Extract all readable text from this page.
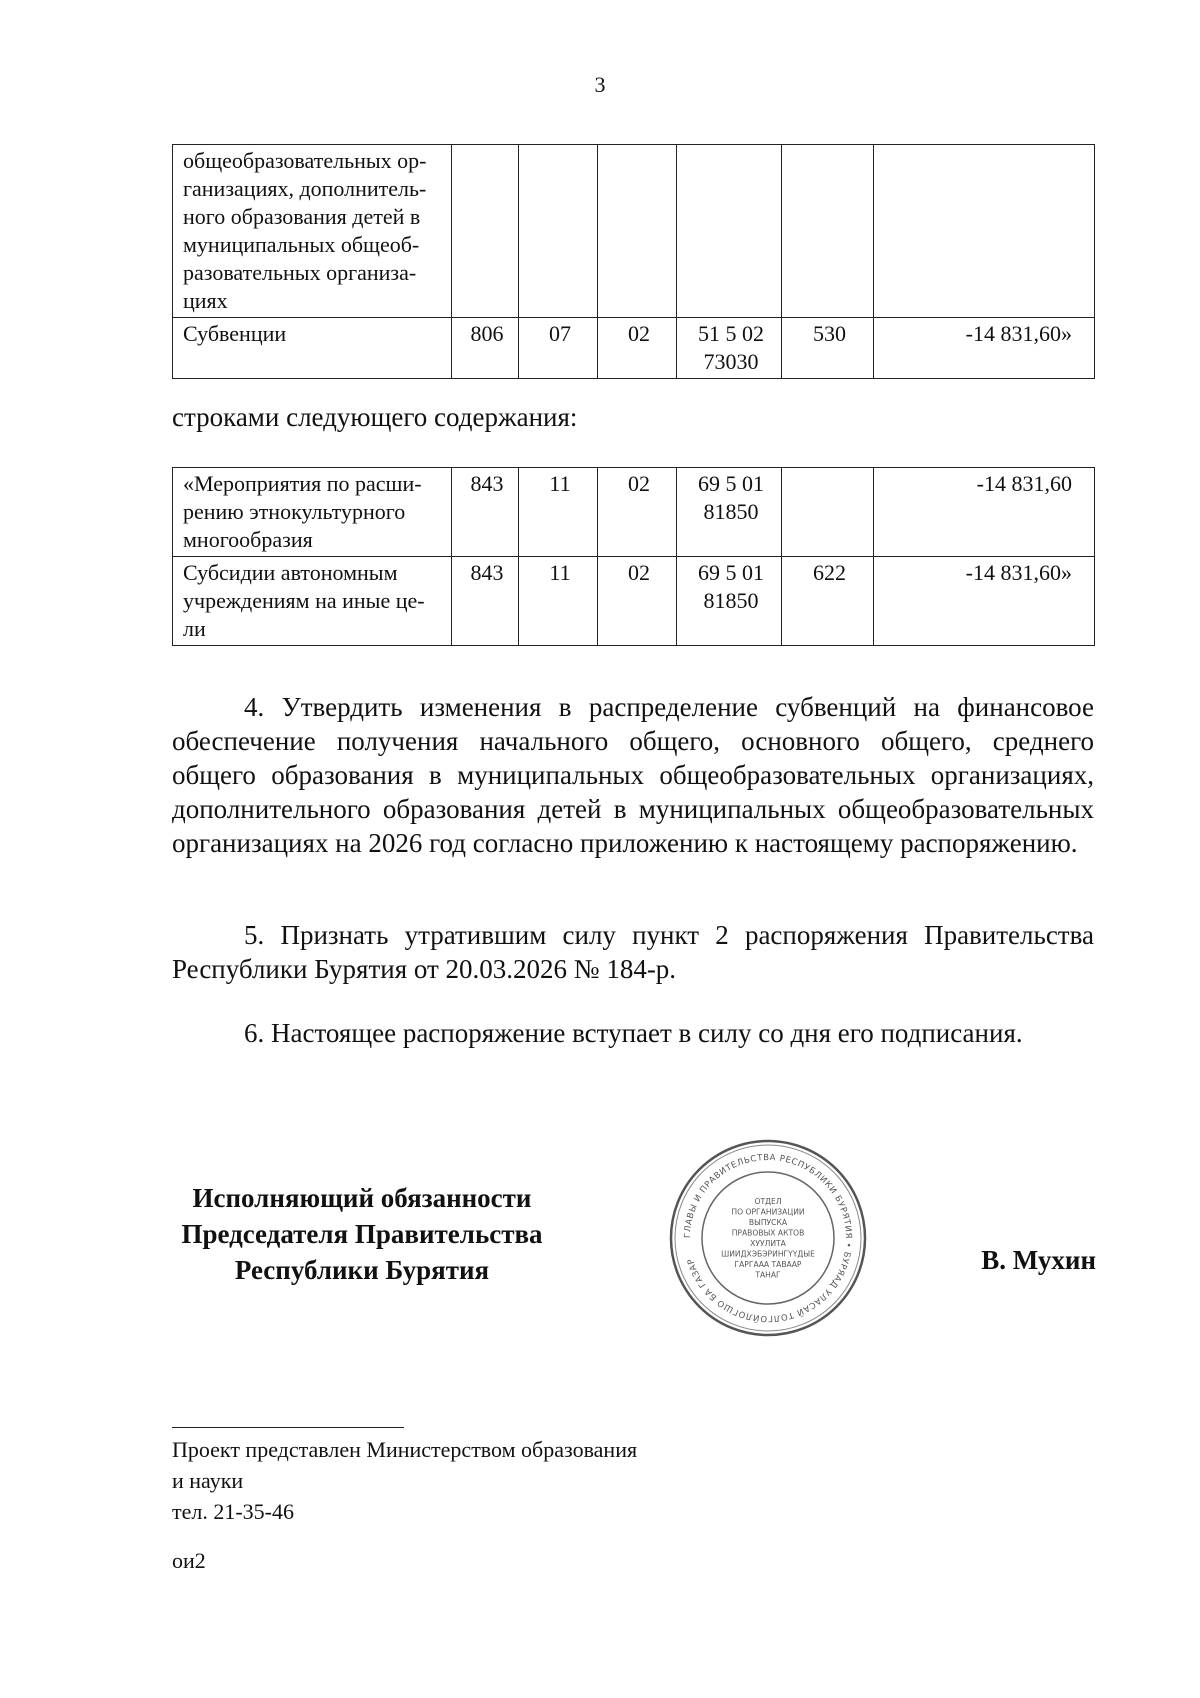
3
общеобразовательных ор-ганизациях, дополнитель-ного образования детей в муниципальных общеоб-разовательных организа-циях						
Субвенции	806	07	02	51 5 02 73030	530	-14 831,60»
строками следующего содержания:
«Мероприятия по расши-рению этнокультурного многообразия	843	11	02	69 5 01 81850		-14 831,60
Субсидии автономным учреждениям на иные це-ли	843	11	02	69 5 01 81850	622	-14 831,60»

4. Утвердить изменения в распределение субвенций на финансовое обеспечение получения начального общего, основного общего, среднего общего образования в муниципальных общеобразовательных организациях, дополнительного образования детей в муниципальных общеобразовательных организациях на 2026 год согласно приложению к настоящему распоряжению.

5. Признать утратившим силу пункт 2 распоряжения Правительства Республики Бурятия от 20.03.2026 № 184-р.

6. Настоящее распоряжение вступает в силу со дня его подписания.

Исполняющий обязанности
Председателя Правительства
Республики Бурятия
ГЛАВЫ И ПРАВИТЕЛЬСТВА РЕСПУБЛИКИ БУРЯТИЯ • БУРЯАД УЛАСАЙ ТОЛГОЙЛОГШО БА ГАЗАР
ОТДЕЛ
ПО ОРГАНИЗАЦИИ
ВЫПУСКА
ПРАВОВЫХ АКТОВ
ХУУЛИТА
ШИИДХЭБЭРИНГҮҮДЫЕ
ГАРГААА ТАВААР
ТАНАГ	В. Мухин
Проект представлен Министерством образования
и науки
тел. 21-35-46
ои2
